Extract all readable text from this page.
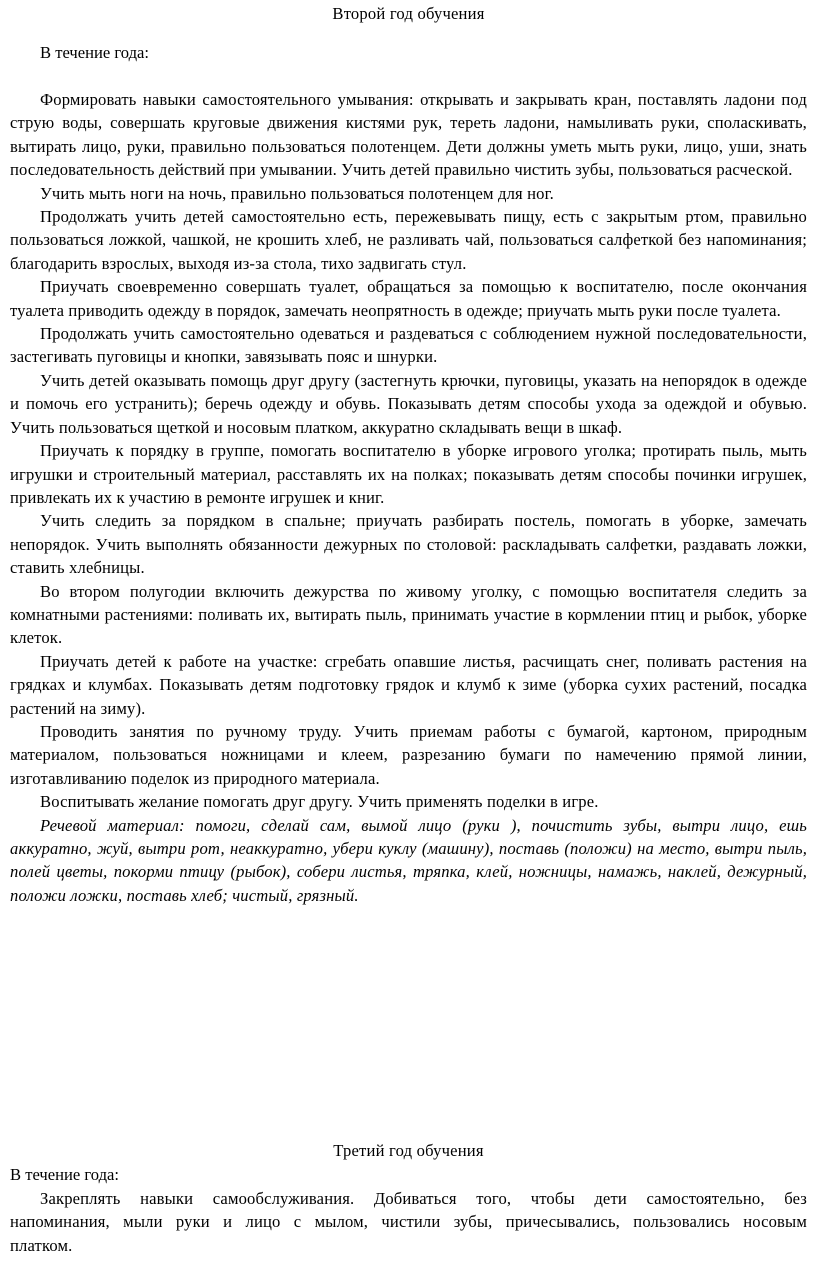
Второй год обучения

В течение года:

Формировать навыки самостоятельного умывания: открывать и закрывать кран, поставлять ладони под струю воды, совершать круговые движения кистями рук, тереть ладони, намыливать руки, споласкивать, вытирать лицо, руки, правильно пользоваться полотенцем. Дети должны уметь мыть руки, лицо, уши, знать последовательность действий при умывании. Учить детей правильно чистить зубы, пользоваться расческой.

Учить мыть ноги на ночь, правильно пользоваться полотенцем для ног.

Продолжать учить детей самостоятельно есть, пережевывать пищу, есть с закрытым ртом, правильно пользоваться ложкой, чашкой, не крошить хлеб, не разливать чай, пользоваться салфеткой без напоминания; благодарить взрослых, выходя из-за стола, тихо задвигать стул.

Приучать своевременно совершать туалет, обращаться за помощью к воспитателю, после окончания туалета приводить одежду в порядок, замечать неопрятность в одежде; приучать мыть руки после туалета.

Продолжать учить самостоятельно одеваться и раздеваться с соблюдением нужной последовательности, застегивать пуговицы и кнопки, завязывать пояс и шнурки.

Учить детей оказывать помощь друг другу (застегнуть крючки, пуговицы, указать на непорядок в одежде и помочь его устранить); беречь одежду и обувь. Показывать детям способы ухода за одеждой и обувью. Учить пользоваться щеткой и носовым платком, аккуратно складывать вещи в шкаф.

Приучать к порядку в группе, помогать воспитателю в уборке игрового уголка; протирать пыль, мыть игрушки и строительный материал, расставлять их на полках; показывать детям способы починки игрушек, привлекать их к участию в ремонте игрушек и книг.

Учить следить за порядком в спальне; приучать разбирать постель, помогать в уборке, замечать непорядок. Учить выполнять обязанности дежурных по столовой: раскладывать салфетки, раздавать ложки, ставить хлебницы.

Во втором полугодии включить дежурства по живому уголку, с помощью воспитателя следить за комнатными растениями: поливать их, вытирать пыль, принимать участие в кормлении птиц и рыбок, уборке клеток.

Приучать детей к работе на участке: сгребать опавшие листья, расчищать снег, поливать растения на грядках и клумбах. Показывать детям подготовку грядок и клумб к зиме (уборка сухих растений, посадка растений на зиму).

Проводить занятия по ручному труду. Учить приемам работы с бумагой, картоном, природным материалом, пользоваться ножницами и клеем, разрезанию бумаги по намечению прямой линии, изготавливанию поделок из природного материала.

Воспитывать желание помогать друг другу. Учить применять поделки в игре.

Речевой материал: помоги, сделай сам, вымой лицо (руки ), почистить зубы, вытри лицо, ешь аккуратно, жуй, вытри рот, неаккуратно, убери куклу (машину), поставь (положи) на место, вытри пыль, полей цветы, покорми птицу (рыбок), собери листья, тряпка, клей, ножницы, намажь, наклей, дежурный, положи ложки, поставь хлеб; чистый, грязный.

Третий год обучения

В течение года:

Закреплять навыки самообслуживания. Добиваться того, чтобы дети самостоятельно, без напоминания, мыли руки и лицо с мылом, чистили зубы, причесывались, пользовались носовым платком.
